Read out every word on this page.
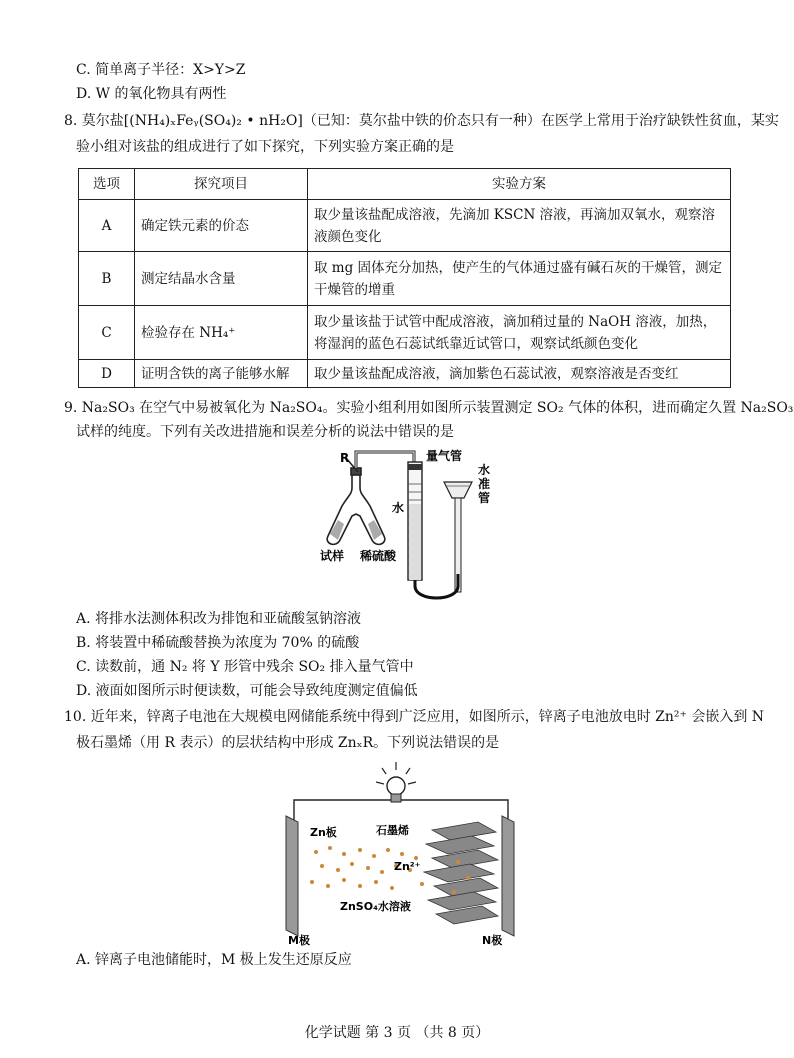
C. 简单离子半径：X>Y>Z
D. W 的氧化物具有两性
8. 莫尔盐[(NH₄)ₓFeᵧ(SO₄)₂ • nH₂O]（已知：莫尔盐中铁的价态只有一种）在医学上常用于治疗缺铁性贫血，某实
验小组对该盐的组成进行了如下探究，下列实验方案正确的是
选项	探究项目	实验方案
A	确定铁元素的价态	取少量该盐配成溶液，先滴加 KSCN 溶液，再滴加双氧水，观察溶液颜色变化
B	测定结晶水含量	取 mg 固体充分加热，使产生的气体通过盛有碱石灰的干燥管，测定干燥管的增重
C	检验存在 NH₄⁺	取少量该盐于试管中配成溶液，滴加稍过量的 NaOH 溶液，加热，将湿润的蓝色石蕊试纸靠近试管口，观察试纸颜色变化
D	证明含铁的离子能够水解	取少量该盐配成溶液，滴加紫色石蕊试液，观察溶液是否变红
9. Na₂SO₃ 在空气中易被氧化为 Na₂SO₄。实验小组利用如图所示装置测定 SO₂ 气体的体积，进而确定久置 Na₂SO₃
试样的纯度。下列有关改进措施和误差分析的说法中错误的是
R	量气管
水
试样 稀硫酸
水
准
管
A. 将排水法测体积改为排饱和亚硫酸氢钠溶液
B. 将装置中稀硫酸替换为浓度为 70% 的硫酸
C. 读数前，通 N₂ 将 Y 形管中残余 SO₂ 排入量气管中
D. 液面如图所示时便读数，可能会导致纯度测定值偏低
10. 近年来，锌离子电池在大规模电网储能系统中得到广泛应用，如图所示，锌离子电池放电时 Zn²⁺ 会嵌入到 N
极石墨烯（用 R 表示）的层状结构中形成 ZnₓR。下列说法错误的是
Zn板	石墨烯
Zn²⁺
ZnSO₄水溶液
M极	N极
A. 锌离子电池储能时，M 极上发生还原反应
化学试题 第 3 页 （共 8 页）
